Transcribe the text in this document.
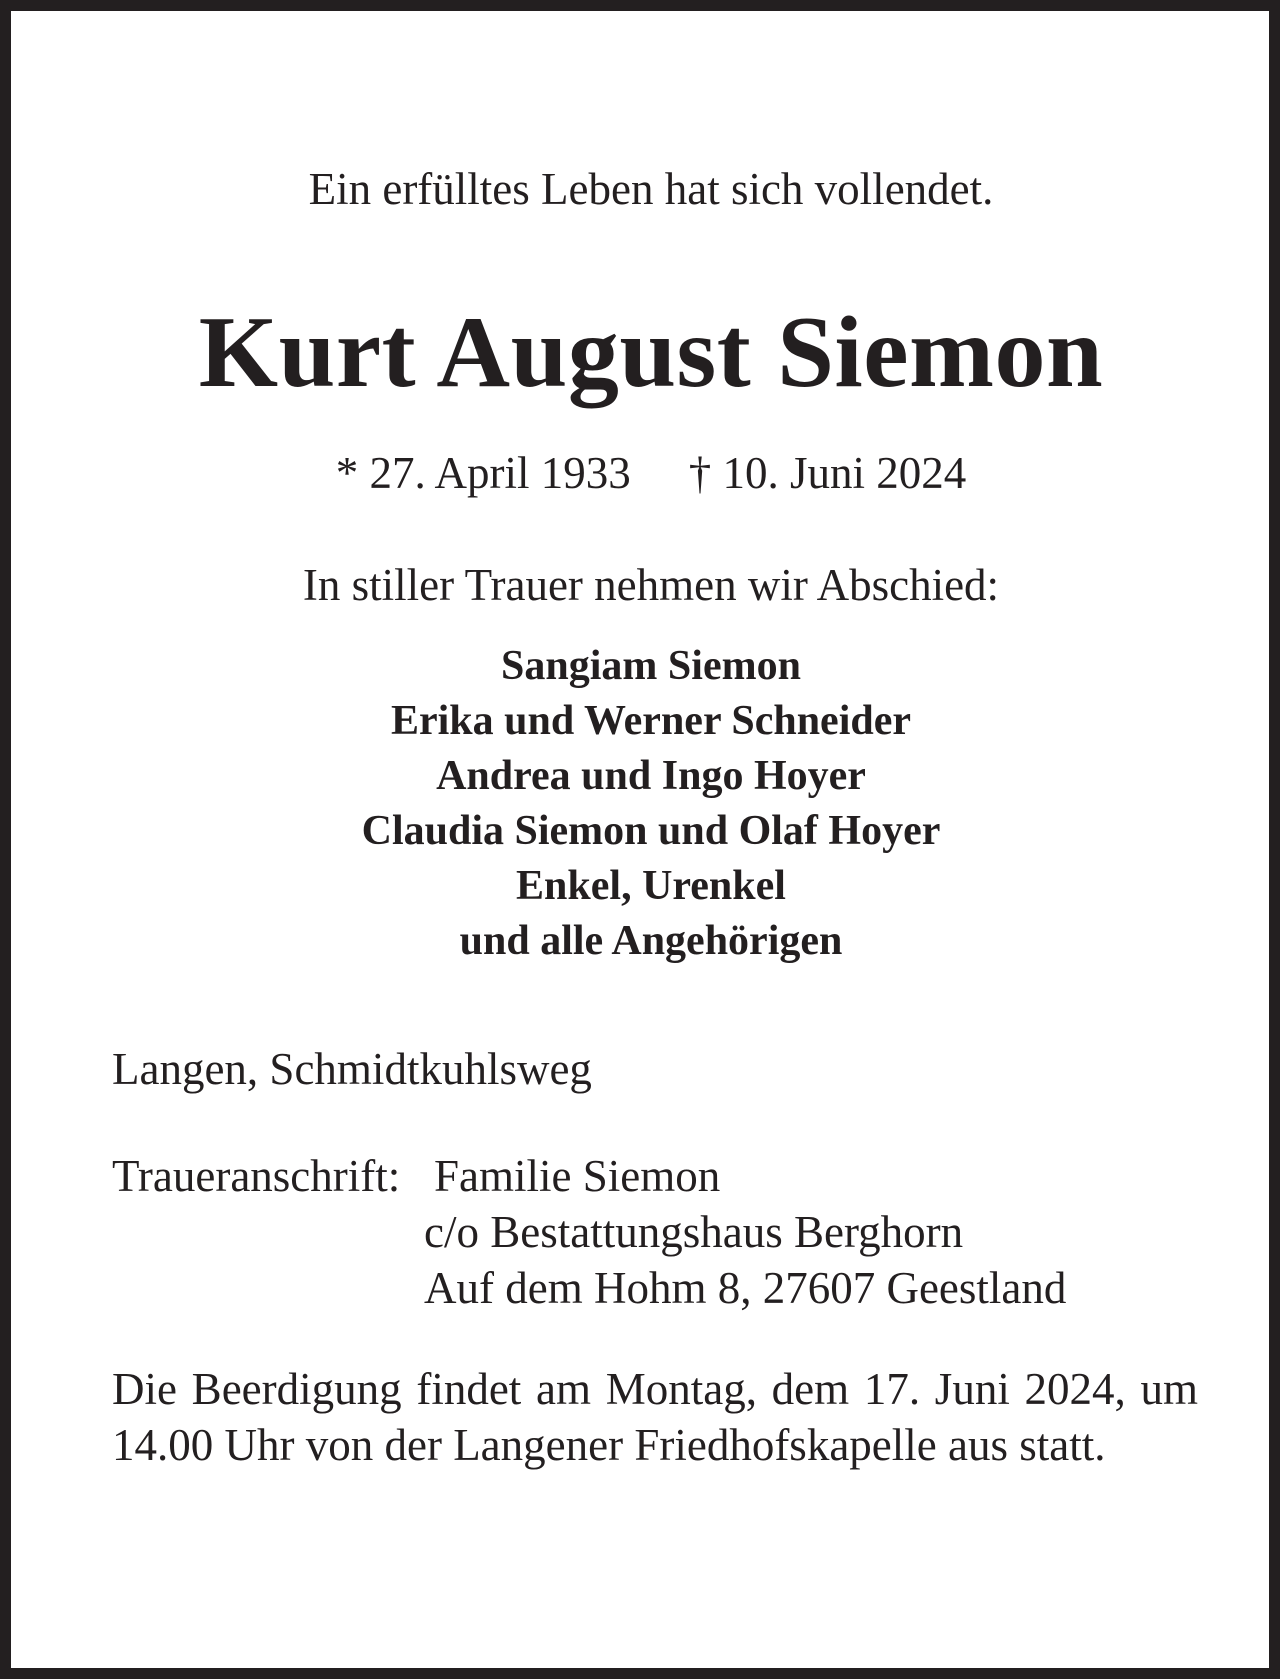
Ein erfülltes Leben hat sich vollendet.
Kurt August Siemon
* 27. April 1933 † 10. Juni 2024
In stiller Trauer nehmen wir Abschied:
Sangiam Siemon
Erika und Werner Schneider
Andrea und Ingo Hoyer
Claudia Siemon und Olaf Hoyer
Enkel, Urenkel
und alle Angehörigen
Langen, Schmidtkuhlsweg
Traueranschrift: Familie Siemon
c/o Bestattungshaus Berghorn
Auf dem Hohm 8, 27607 Geestland
Die Beerdigung findet am Montag, dem 17. Juni 2024, um 14.00 Uhr von der Langener Friedhofskapelle aus statt.
